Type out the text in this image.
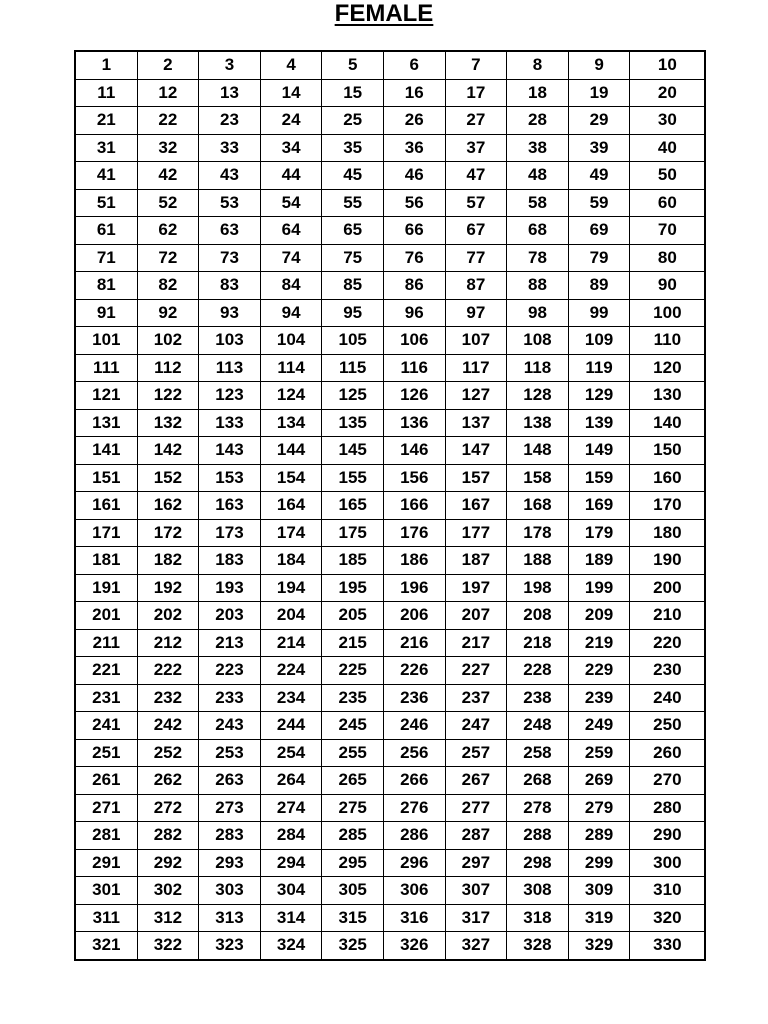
FEMALE
1	2	3	4	5	6	7	8	9	10
11	12	13	14	15	16	17	18	19	20
21	22	23	24	25	26	27	28	29	30
31	32	33	34	35	36	37	38	39	40
41	42	43	44	45	46	47	48	49	50
51	52	53	54	55	56	57	58	59	60
61	62	63	64	65	66	67	68	69	70
71	72	73	74	75	76	77	78	79	80
81	82	83	84	85	86	87	88	89	90
91	92	93	94	95	96	97	98	99	100
101	102	103	104	105	106	107	108	109	110
111	112	113	114	115	116	117	118	119	120
121	122	123	124	125	126	127	128	129	130
131	132	133	134	135	136	137	138	139	140
141	142	143	144	145	146	147	148	149	150
151	152	153	154	155	156	157	158	159	160
161	162	163	164	165	166	167	168	169	170
171	172	173	174	175	176	177	178	179	180
181	182	183	184	185	186	187	188	189	190
191	192	193	194	195	196	197	198	199	200
201	202	203	204	205	206	207	208	209	210
211	212	213	214	215	216	217	218	219	220
221	222	223	224	225	226	227	228	229	230
231	232	233	234	235	236	237	238	239	240
241	242	243	244	245	246	247	248	249	250
251	252	253	254	255	256	257	258	259	260
261	262	263	264	265	266	267	268	269	270
271	272	273	274	275	276	277	278	279	280
281	282	283	284	285	286	287	288	289	290
291	292	293	294	295	296	297	298	299	300
301	302	303	304	305	306	307	308	309	310
311	312	313	314	315	316	317	318	319	320
321	322	323	324	325	326	327	328	329	330
